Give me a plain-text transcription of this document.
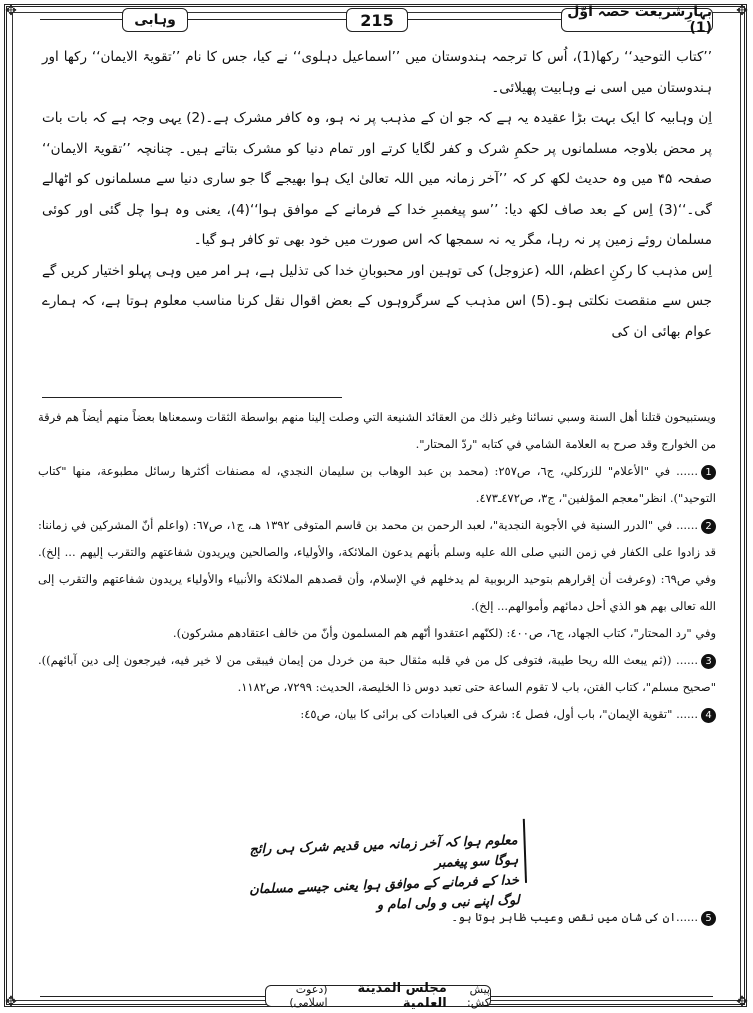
✥	✥
✥	✥
وہابی	215	بہارِشریعت حصہ اوّل (1)

’’کتاب التوحید‘‘ رکھا(1)، اُس کا ترجمہ ہندوستان میں ’’اسماعیل دہلوی‘‘ نے کیا، جس کا نام ’’تقویۃ الایمان‘‘ رکھا اور ہندوستان میں اسی نے وہابیت پھیلائی۔

اِن وہابیہ کا ایک بہت بڑا عقیدہ یہ ہے کہ جو ان کے مذہب پر نہ ہو، وہ کافر مشرک ہے۔(2) یہی وجہ ہے کہ بات بات پر محض بلاوجہ مسلمانوں پر حکمِ شرک و کفر لگایا کرتے اور تمام دنیا کو مشرک بتاتے ہیں۔ چنانچہ ’’تقویۃ الایمان‘‘ صفحہ ۴۵ میں وہ حدیث لکھ کر کہ ’’آخر زمانہ میں اللہ تعالیٰ ایک ہوا بھیجے گا جو ساری دنیا سے مسلمانوں کو اٹھالے گی۔‘‘(3) اِس کے بعد صاف لکھ دیا: ’’سو پیغمبرِ خدا کے فرمانے کے موافق ہوا‘‘(4)، یعنی وہ ہوا چل گئی اور کوئی مسلمان روئے زمین پر نہ رہا، مگر یہ نہ سمجھا کہ اس صورت میں خود بھی تو کافر ہو گیا۔

اِس مذہب کا رکنِ اعظم، اللہ (عزوجل) کی توہین اور محبوبانِ خدا کی تذلیل ہے، ہر امر میں وہی پہلو اختیار کریں گے جس سے منقصت نکلتی ہو۔(5) اس مذہب کے سرگروہوں کے بعض اقوال نقل کرنا مناسب معلوم ہوتا ہے، کہ ہمارے عوام بھائی ان کی

ويستبيحون قتلنا أهل السنة وسبي نسائنا وغير ذلك من العقائد الشنيعة التي وصلت إلينا منهم بواسطة الثقات وسمعناها بعضاً منهم أيضاً هم فرقة من الخوارج وقد صرح به العلامة الشامي في كتابه "ردّ المحتار".

1...... في "الأعلام" للزركلي، ج٦، ص٢٥٧: (محمد بن عبد الوهاب بن سليمان النجدي، له مصنفات أكثرها رسائل مطبوعة، منها "كتاب التوحيد"). انظر"معجم المؤلفين"، ج٣، ص٤٧٢ـ٤٧٣.

2...... في "الدرر السنية في الأجوبة النجدية"، لعبد الرحمن بن محمد بن قاسم المتوفى ١٣٩٢ هـ، ج١، ص٦٧: (واعلم أنّ المشركين في زماننا: قد زادوا على الكفار في زمن النبي صلى الله عليه وسلم بأنهم يدعون الملائكة، والأولياء، والصالحين ويريدون شفاعتهم والتقرب إليهم ... إلخ). وفي ص٦٩: (وعرفت أن إقرارهم بتوحيد الربوبية لم يدخلهم في الإسلام، وأن قصدهم الملائكة والأنبياء والأولياء يريدون شفاعتهم والتقرب إلى الله تعالى بهم هو الذي أحل دمائهم وأموالهم... إلخ).

وفي "رد المحتار"، كتاب الجهاد، ج٦، ص٤٠٠: (لكنّهم اعتقدوا أنّهم هم المسلمون وأنّ من خالف اعتقادهم مشركون).

3...... ((ثم يبعث الله ريحا طيبة، فتوفى كل من في قلبه مثقال حبة من خردل من إيمان فيبقى من لا خير فيه، فيرجعون إلى دين آبائهم)). "صحيح مسلم"، كتاب الفتن، باب لا تقوم الساعة حتى تعبد دوس ذا الخليصة، الحديث: ٧٢٩٩، ص١١٨٢.

4...... "تقوية الإيمان"، باب أول، فصل ٤: شرک فی العبادات کی برائی کا بیان، ص٤٥:

معلوم ہوا کہ آخر زمانہ میں قدیم شرک ہی رائج ہوگا سو پیغمبر

خدا کے فرمانے کے موافق ہوا یعنی جیسے مسلمان لوگ اپنے نبی و ولی امام و

5......ان کی شان میں نقص وعیب ظاہر ہوتا ہو۔

پیش کش:
مجلس المدينة العلمية
(دعوت اسلامی)
